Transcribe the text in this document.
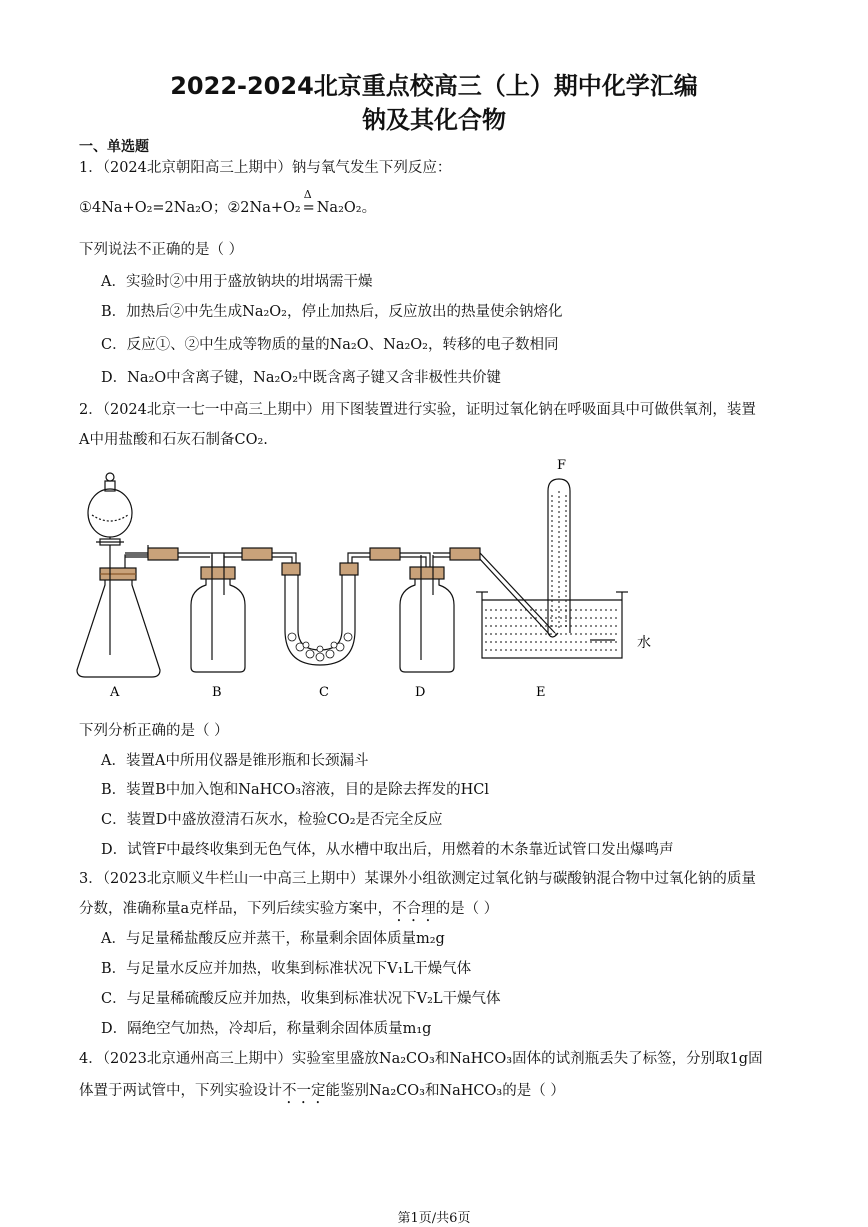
2022-2024北京重点校高三（上）期中化学汇编
钠及其化合物
一、单选题
1．（2024北京朝阳高三上期中）钠与氧气发生下列反应：
①4Na+O₂=2Na₂O；②2Na+O₂
Δ
= Na₂O₂。
下列说法不正确的是（ ）
A．实验时②中用于盛放钠块的坩埚需干燥
B．加热后②中先生成Na₂O₂，停止加热后，反应放出的热量使余钠熔化
C．反应①、②中生成等物质的量的Na₂O、Na₂O₂，转移的电子数相同
D．Na₂O中含离子键，Na₂O₂中既含离子键又含非极性共价键
2．（2024北京一七一中高三上期中）用下图装置进行实验，证明过氧化钠在呼吸面具中可做供氧剂，装置
A中用盐酸和石灰石制备CO₂.
A	B	C	D	E
F
水
下列分析正确的是（ ）
A．装置A中所用仪器是锥形瓶和长颈漏斗
B．装置B中加入饱和NaHCO₃溶液，目的是除去挥发的HCl
C．装置D中盛放澄清石灰水，检验CO₂是否完全反应
D．试管F中最终收集到无色气体，从水槽中取出后，用燃着的木条靠近试管口发出爆鸣声
3．（2023北京顺义牛栏山一中高三上期中）某课外小组欲测定过氧化钠与碳酸钠混合物中过氧化钠的质量
分数，准确称量a克样品，下列后续实验方案中，不合理的是（ ）
A．与足量稀盐酸反应并蒸干，称量剩余固体质量m₂g
B．与足量水反应并加热，收集到标准状况下V₁L干燥气体
C．与足量稀硫酸反应并加热，收集到标准状况下V₂L干燥气体
D．隔绝空气加热，冷却后，称量剩余固体质量m₁g
4．（2023北京通州高三上期中）实验室里盛放Na₂CO₃和NaHCO₃固体的试剂瓶丢失了标签，分别取1g固
体置于两试管中，下列实验设计不一定能鉴别Na₂CO₃和NaHCO₃的是（ ）
第1页/共6页
